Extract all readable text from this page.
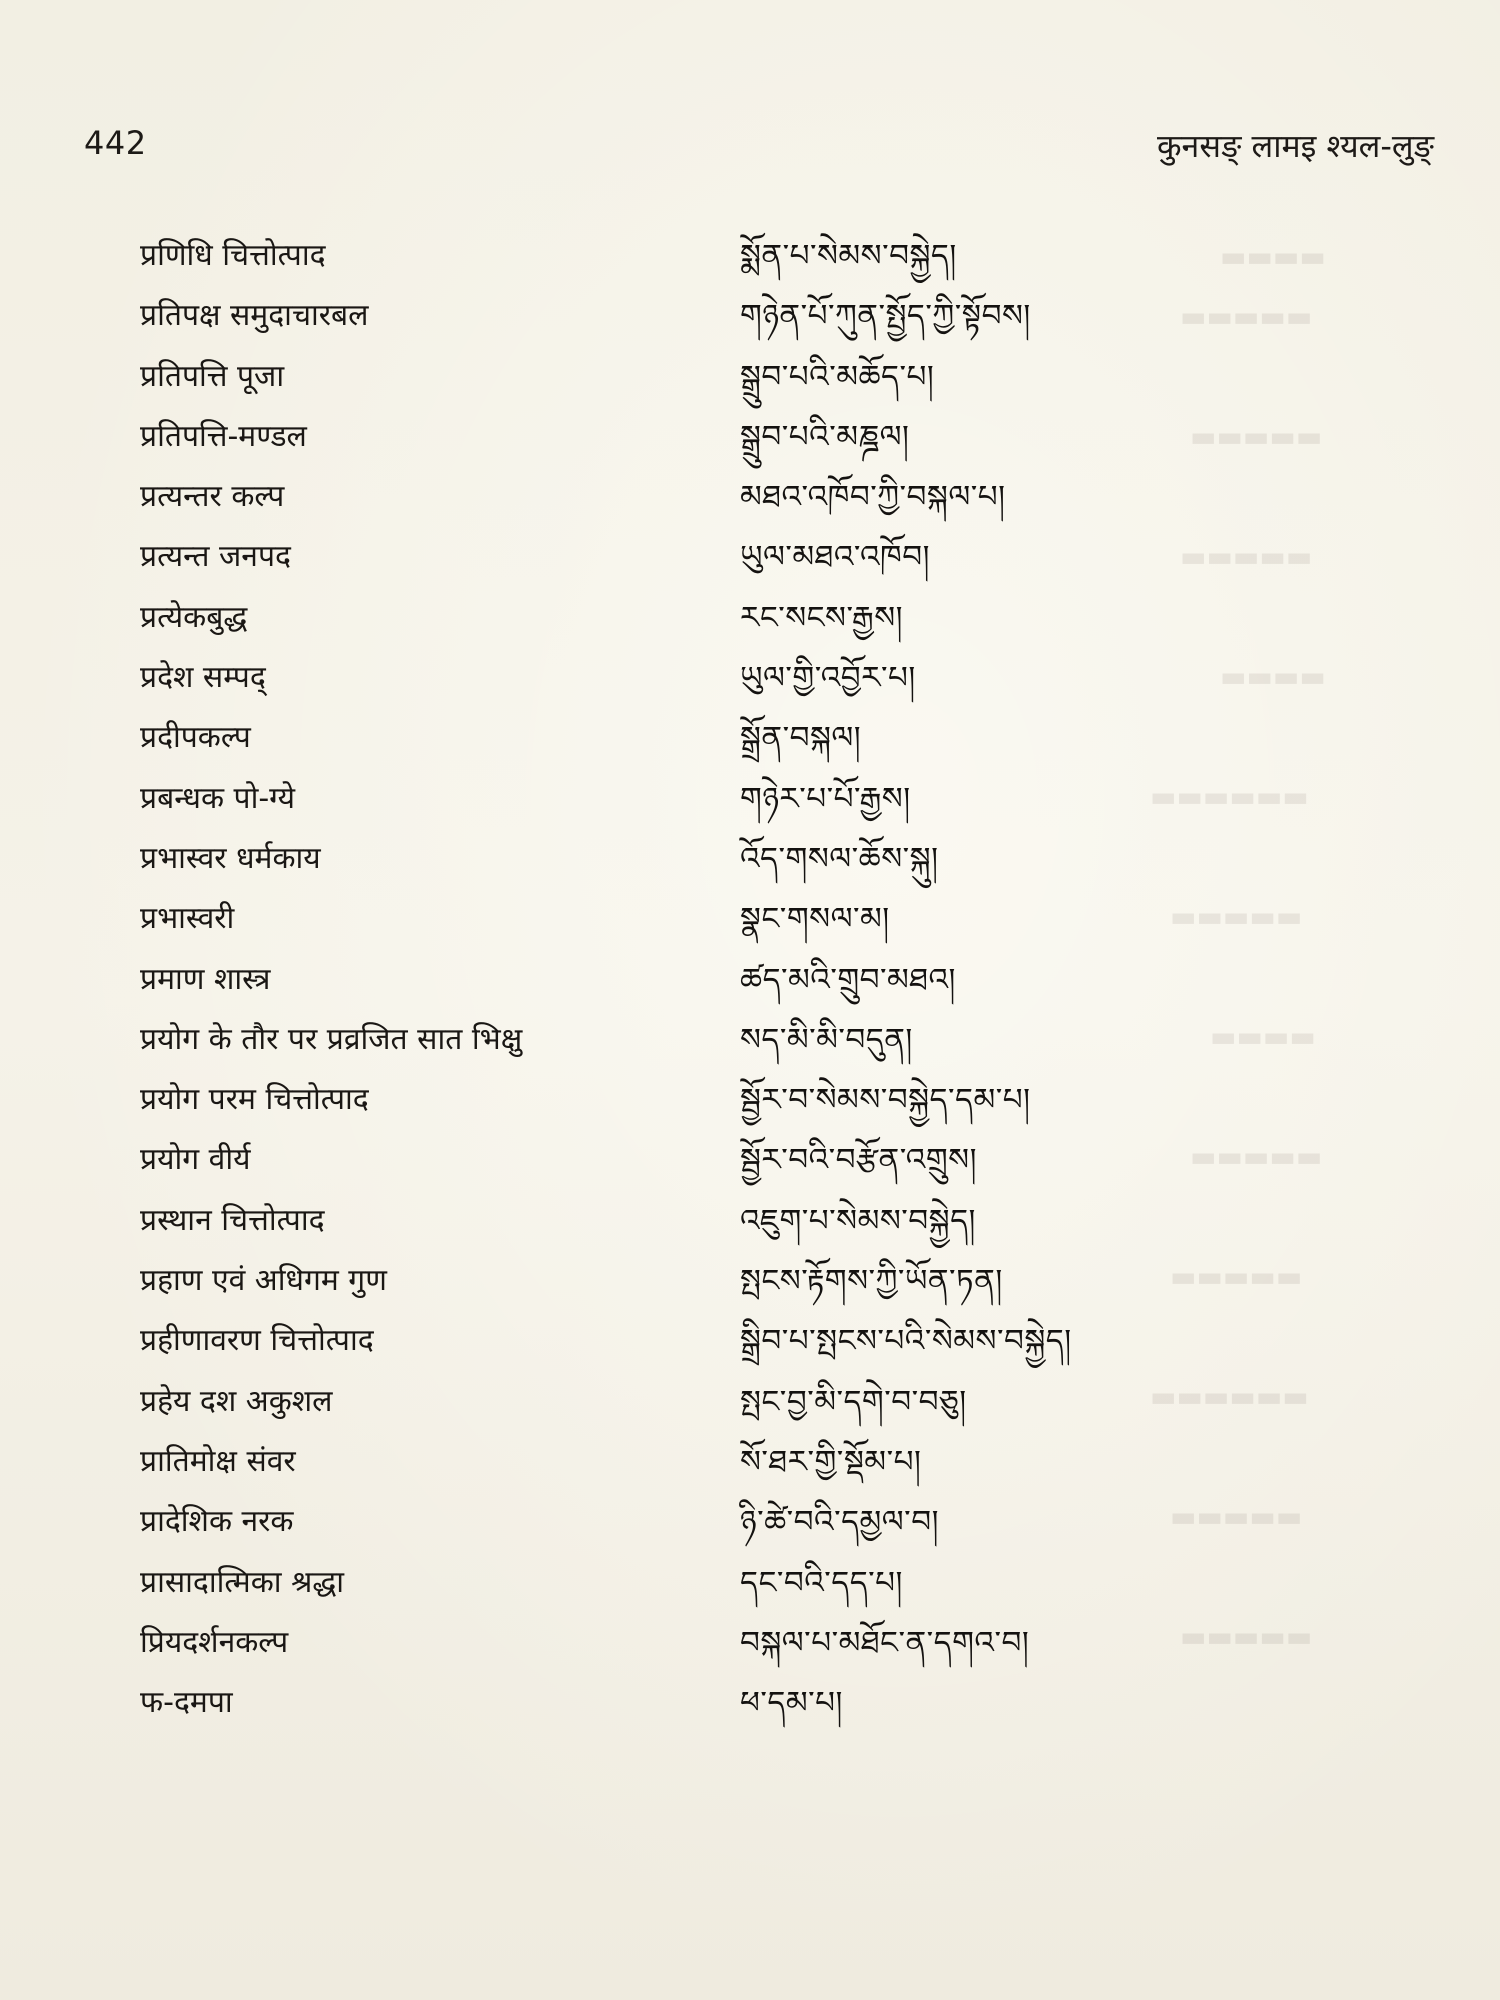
▬▬▬▬
▬▬▬▬▬
▬▬▬▬▬
▬▬▬▬▬
▬▬▬▬
▬▬▬▬▬▬
▬▬▬▬▬
▬▬▬▬
▬▬▬▬▬
▬▬▬▬▬
▬▬▬▬▬▬
▬▬▬▬▬
▬▬▬▬▬
442	कुनसङ् लामइ श्यल-लुङ्
प्रणिधि चित्तोत्पाद	སྨོན་པ་སེམས་བསྐྱེད།
प्रतिपक्ष समुदाचारबल	གཉེན་པོ་ཀུན་སྤྱོད་ཀྱི་སྟོབས།
प्रतिपत्ति पूजा	སྒྲུབ་པའི་མཆོད་པ།
प्रतिपत्ति-मण्डल	སྒྲུབ་པའི་མཎྜལ།
प्रत्यन्तर कल्प	མཐའ་འཁོབ་ཀྱི་བསྐལ་པ།
प्रत्यन्त जनपद	ཡུལ་མཐའ་འཁོབ།
प्रत्येकबुद्ध	རང་སངས་རྒྱས།
प्रदेश सम्पद्	ཡུལ་གྱི་འབྱོར་པ།
प्रदीपकल्प	སྒྲོན་བསྐལ།
प्रबन्धक पो-ग्ये	གཉེར་པ་པོ་རྒྱས།
प्रभास्वर धर्मकाय	འོད་གསལ་ཆོས་སྐུ།
प्रभास्वरी	སྣང་གསལ་མ།
प्रमाण शास्त्र	ཚད་མའི་གྲུབ་མཐའ།
प्रयोग के तौर पर प्रव्रजित सात भिक्षु	སད་མི་མི་བདུན།
प्रयोग परम चित्तोत्पाद	སྦྱོར་བ་སེམས་བསྐྱེད་དམ་པ།
प्रयोग वीर्य	སྦྱོར་བའི་བརྩོན་འགྲུས།
प्रस्थान चित्तोत्पाद	འཇུག་པ་སེམས་བསྐྱེད།
प्रहाण एवं अधिगम गुण	སྤངས་རྟོགས་ཀྱི་ཡོན་ཏན།
प्रहीणावरण चित्तोत्पाद	སྒྲིབ་པ་སྤངས་པའི་སེམས་བསྐྱེད།
प्रहेय दश अकुशल	སྤང་བྱ་མི་དགེ་བ་བཅུ།
प्रातिमोक्ष संवर	སོ་ཐར་གྱི་སྡོམ་པ།
प्रादेशिक नरक	ཉི་ཚེ་བའི་དམྱལ་བ།
प्रासादात्मिका श्रद्धा	དང་བའི་དད་པ།
प्रियदर्शनकल्प	བསྐལ་པ་མཐོང་ན་དགའ་བ།
फ-दमपा	ཕ་དམ་པ།
